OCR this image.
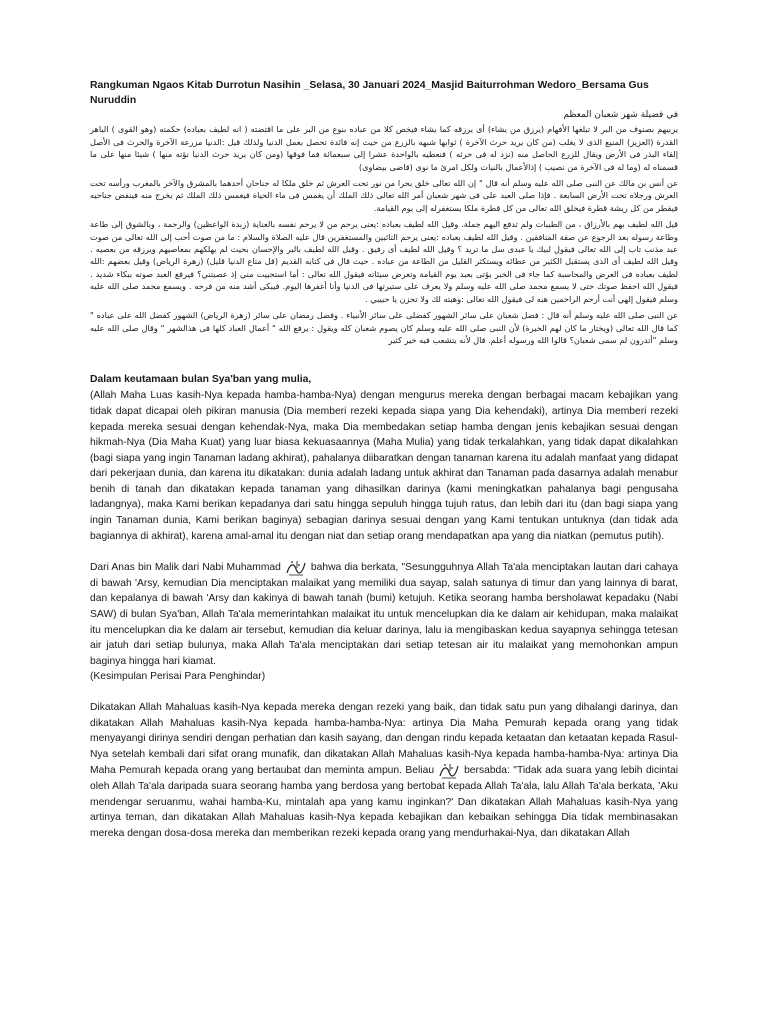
Rangkuman Ngaos Kitab Durrotun Nasihin _Selasa, 30 Januari 2024_Masjid Baiturrohman Wedoro_Bersama Gus Nuruddin

في فضيلة شهر شعبان المعظم

يربيهم بصنوف من البر لا تبلغها الأفهام (يرزق من يشاء) أى يرزقه كما يشاء فيخص كلا من عباده بنوع من البر على ما اقتضته ( انه لطيف بعباده) حكمته (وهو القوى ) الباهر القدرة (العزيز) المنيع الذى لا يغلب (من كان يريد حرث الآخرة ) ثوابها شبهه بالزرع من حيث إنه فائدة تحصل بعمل الدنيا ولذلك قيل :الدنيا مزرعة الآخرة والحرث فى الأصل إلقاء البذر فى الأرض ويقال للزرع الحاصل منه (نزد له فى حرثه ) فنعطيه بالواحدة عشرا إلى سبعمائة فما فوقها (ومن كان يريد حرث الدنيا نؤته منها ) شيئا منها على ما قسمناه له (وما له فى الآخرة من نصيب ) إذالأعمال بالنيات ولكل امرئ ما نوى (قاضى بيضاوى)

عن أنس بن مالك عن النبى صلى الله عليه وسلم أنه قال " إن الله تعالى خلق بحرا من نور تحت العرش ثم خلق ملكا له جناحان أحدهما بالمشرق والآخر بالمغرب ورأسه تحت العرش ورجلاه تحت الأرض السابعة . فإذا صلى العبد على فى شهر شعبان أمر الله تعالى ذلك الملك أن يغمس فى ماء الحياة فيغمس ذلك الملك ثم يخرج منه فينفض جناحيه فيقطر من كل ريشة قطرة فيخلق الله تعالى من كل قطرة ملكا يستغفرله إلى يوم القيامة.

قيل الله لطيف بهم بالأرزاق ، من الطيبات ولم تدفع اليهم جملة. وقيل الله لطيف بعباده :يعنى يرحم من لا يرحم نفسه بالعناية (زبدة الواعظين) والرحمة ، وبالشوق إلى طاعة وطاعة رسوله بعد الرجوع عن صفة المنافقين . وقيل الله لطيف بعباده :يعنى يرحم التائبين والمستغفرين قال عليه الصلاة والسلام : ما من صوت أحب إلى الله تعالى من صوت عبد مذنب تاب إلى الله تعالى فيقول لبيك يا عبدى سل ما تريد ؟ وقيل الله لطيف أى رفيق . وقيل الله لطيف بالبر والإحسان بحيث لم يهلكهم بمعاصيهم ويرزقه من بعصيه . وقيل الله لطيف أى الذى يستقبل الكثير من عطائه ويستكثر القليل من الطاعة من عباده . حيث قال فى كتابه القديم (قل متاع الدنيا قليل) (زهرة الرياض) وقيل بعضهم :الله لطيف بعباده فى العرض والمحاسبة كما جاء فى الخبر يؤتى بعبد يوم القيامة وتعرض سيئاته فيقول الله تعالى : أما استحييت مني إذ عصيتني؟ فيرفع العبد صوته ببكاء شديد . فيقول الله احفظ صوتك حتى لا يسمع محمد صلى الله عليه وسلم ولا يعرف على ستيرتها فى الدنيا وأنا أغفرها اليوم. فيبكى أشد منه من فرحه . ويسمع محمد صلى الله عليه وسلم فيقول إلهي أنت أرحم الراحمين هبه لى فيقول الله تعالى :وهبته لك ولا تحزن يا حبيبي .

عن النبى صلى الله عليه وسلم أنه قال : فضل شعبان على سائر الشهور كفضلى على سائر الأنبياء . وفضل رمضان على سائر (زهرة الرياض) الشهور كفضل الله على عباده " كما قال الله تعالى (ويختار ما كان لهم الخيرة) لأن النبى صلى الله عليه وسلم كان يصوم شعبان كله ويقول : يرفع الله " أعمال العباد كلها فى هذالشهر " وقال صلى الله عليه وسلم "أتدرون لم سمى شعبان؟ قالوا الله ورسوله أعلم. قال لأنه يتشعب فيه خير كثير

Dalam keutamaan bulan Sya'ban yang mulia,

(Allah Maha Luas kasih-Nya kepada hamba-hamba-Nya) dengan mengurus mereka dengan berbagai macam kebajikan yang tidak dapat dicapai oleh pikiran manusia (Dia memberi rezeki kepada siapa yang Dia kehendaki), artinya Dia memberi rezeki kepada mereka sesuai dengan kehendak-Nya, maka Dia membedakan setiap hamba dengan jenis kebajikan sesuai dengan hikmah-Nya (Dia Maha Kuat) yang luar biasa kekuasaannya (Maha Mulia) yang tidak terkalahkan, yang tidak dapat dikalahkan (bagi siapa yang ingin Tanaman ladang akhirat), pahalanya diibaratkan dengan tanaman karena itu adalah manfaat yang didapat dari pekerjaan dunia, dan karena itu dikatakan: dunia adalah ladang untuk akhirat dan Tanaman pada dasarnya adalah menabur benih di tanah dan dikatakan kepada tanaman yang dihasilkan darinya (kami meningkatkan pahalanya bagi pengusaha ladangnya), maka Kami berikan kepadanya dari satu hingga sepuluh hingga tujuh ratus, dan lebih dari itu (dan bagi siapa yang ingin Tanaman dunia, Kami berikan baginya) sebagian darinya sesuai dengan yang Kami tentukan untuknya (dan tidak ada bagiannya di akhirat), karena amal-amal itu dengan niat dan setiap orang mendapatkan apa yang dia niatkan (pemutus putih).

Dari Anas bin Malik dari Nabi Muhammad	bahwa dia berkata, "Sesungguhnya Allah Ta'ala menciptakan lautan dari cahaya di bawah 'Arsy, kemudian Dia menciptakan malaikat yang memiliki dua sayap, salah satunya di timur dan yang lainnya di barat, dan kepalanya di bawah 'Arsy dan kakinya di bawah tanah (bumi) ketujuh. Ketika seorang hamba bersholawat kepadaku (Nabi SAW) di bulan Sya'ban, Allah Ta'ala memerintahkan malaikat itu untuk mencelupkan dia ke dalam air kehidupan, maka malaikat itu mencelupkan dia ke dalam air tersebut, kemudian dia keluar darinya, lalu ia mengibaskan kedua sayapnya sehingga tetesan air jatuh dari setiap bulunya, maka Allah Ta'ala menciptakan dari setiap tetesan air itu malaikat yang memohonkan ampun baginya hingga hari kiamat.

(Kesimpulan Perisai Para Penghindar)

Dikatakan Allah Mahaluas kasih-Nya kepada mereka dengan rezeki yang baik, dan tidak satu pun yang dihalangi darinya, dan dikatakan Allah Mahaluas kasih-Nya kepada hamba-hamba-Nya: artinya Dia Maha Pemurah kepada orang yang tidak menyayangi dirinya sendiri dengan perhatian dan kasih sayang, dan dengan rindu kepada ketaatan dan ketaatan kepada Rasul-Nya setelah kembali dari sifat orang munafik, dan dikatakan Allah Mahaluas kasih-Nya kepada hamba-hamba-Nya: artinya Dia Maha Pemurah kepada orang yang bertaubat dan meminta ampun. Beliau	bersabda: "Tidak ada suara yang lebih dicintai oleh Allah Ta'ala daripada suara seorang hamba yang berdosa yang bertobat kepada Allah Ta'ala, lalu Allah Ta'ala berkata, 'Aku mendengar seruanmu, wahai hamba-Ku, mintalah apa yang kamu inginkan?' Dan dikatakan Allah Mahaluas kasih-Nya yang artinya teman, dan dikatakan Allah Mahaluas kasih-Nya kepada kebajikan dan kebaikan sehingga Dia tidak membinasakan mereka dengan dosa-dosa mereka dan memberikan rezeki kepada orang yang mendurhakai-Nya, dan dikatakan Allah
